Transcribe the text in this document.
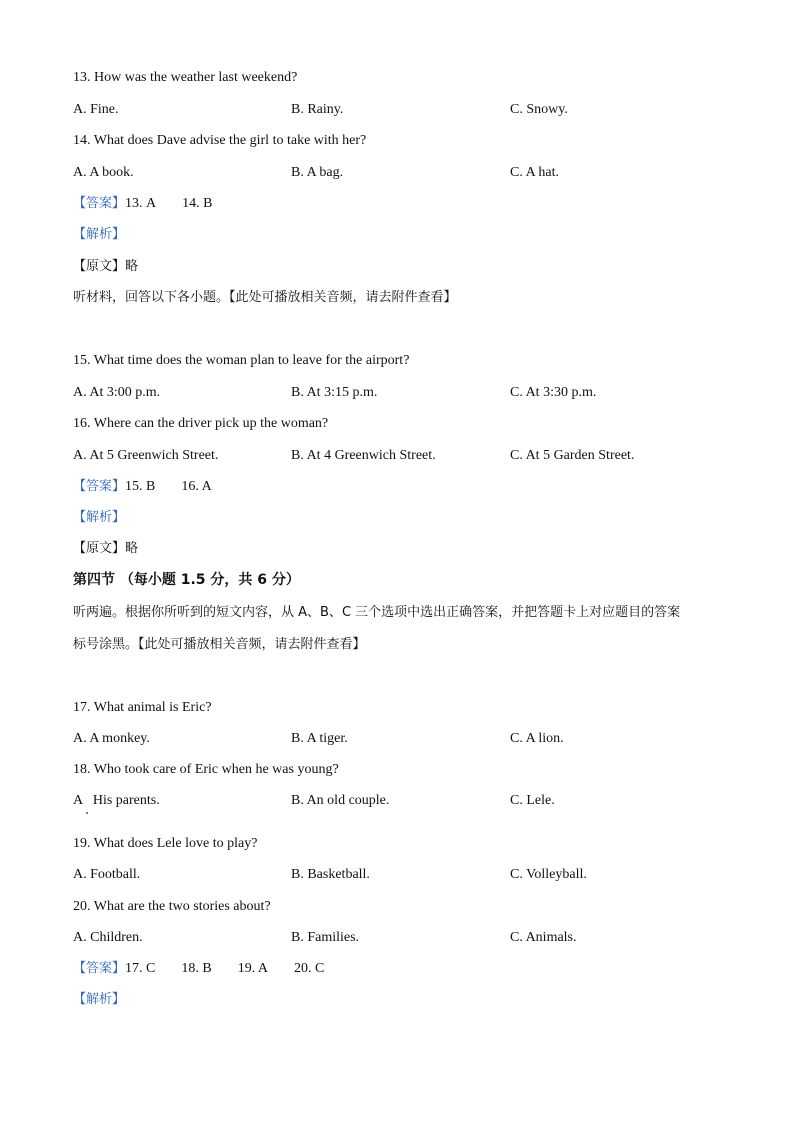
13. How was the weather last weekend?
A. Fine.	B. Rainy.	C. Snowy.
14. What does Dave advise the girl to take with her?
A. A book.	B. A bag.	C. A hat.
【答案】13. A 14. B
【解析】
【原文】略
听材料，回答以下各小题。【此处可播放相关音频，请去附件查看】
15. What time does the woman plan to leave for the airport?
A. At 3:00 p.m.	B. At 3:15 p.m.	C. At 3:30 p.m.
16. Where can the driver pick up the woman?
A. At 5 Greenwich Street.	B. At 4 Greenwich Street.	C. At 5 Garden Street.
【答案】15. B 16. A
【解析】
【原文】略
第四节 （每小题 1.5 分，共 6 分）
听两遍。根据你所听到的短文内容，从 A、B、C 三个选项中选出正确答案，并把答题卡上对应题目的答案
标号涂黑。【此处可播放相关音频，请去附件查看】
17. What animal is Eric?
A. A monkey.	B. A tiger.	C. A lion.
18. Who took care of Eric when he was young?
A   His parents.	B. An old couple.	C. Lele.
19. What does Lele love to play?
A. Football.	B. Basketball.	C. Volleyball.
20. What are the two stories about?
A. Children.	B. Families.	C. Animals.
【答案】17. C 18. B 19. A 20. C
【解析】
